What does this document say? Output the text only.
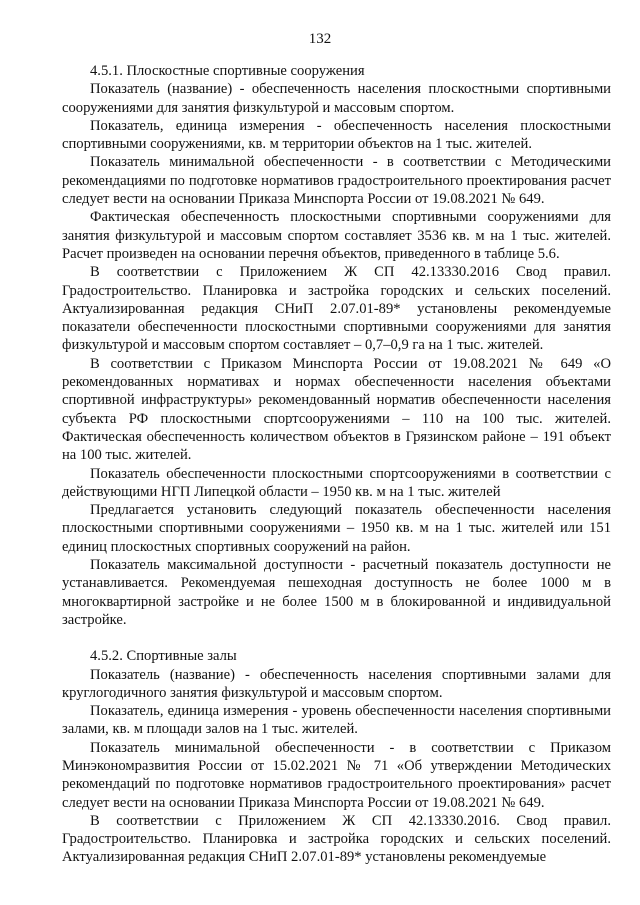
132

4.5.1. Плоскостные спортивные сооружения

Показатель (название) - обеспеченность населения плоскостными спортивными сооружениями для занятия физкультурой и массовым спортом.

Показатель, единица измерения - обеспеченность населения плоскостными спортивными сооружениями, кв. м территории объектов на 1 тыс. жителей.

Показатель минимальной обеспеченности - в соответствии с Методическими рекомендациями по подготовке нормативов градостроительного проектирования расчет следует вести на основании Приказа Минспорта России от 19.08.2021 № 649.

Фактическая обеспеченность плоскостными спортивными сооружениями для занятия физкультурой и массовым спортом составляет 3536 кв. м на 1 тыс. жителей. Расчет произведен на основании перечня объектов, приведенного в таблице 5.6.

В соответствии с Приложением Ж СП 42.13330.2016 Свод правил. Градостроительство. Планировка и застройка городских и сельских поселений. Актуализированная редакция СНиП 2.07.01-89* установлены рекомендуемые показатели обеспеченности плоскостными спортивными сооружениями для занятия физкультурой и массовым спортом составляет – 0,7–0,9 га на 1 тыс. жителей.

В соответствии с Приказом Минспорта России от 19.08.2021 № 649 «О рекомендованных нормативах и нормах обеспеченности населения объектами спортивной инфраструктуры» рекомендованный норматив обеспеченности населения субъекта РФ плоскостными спортсооружениями – 110 на 100 тыс. жителей. Фактическая обеспеченность количеством объектов в Грязинском районе – 191 объект на 100 тыс. жителей.

Показатель обеспеченности плоскостными спортсооружениями в соответствии с действующими НГП Липецкой области – 1950 кв. м на 1 тыс. жителей

Предлагается установить следующий показатель обеспеченности населения плоскостными спортивными сооружениями – 1950 кв. м на 1 тыс. жителей или 151 единиц плоскостных спортивных сооружений на район.

Показатель максимальной доступности - расчетный показатель доступности не устанавливается. Рекомендуемая пешеходная доступность не более 1000 м в многоквартирной застройке и не более 1500 м в блокированной и индивидуальной застройке.

4.5.2. Спортивные залы

Показатель (название) - обеспеченность населения спортивными залами для круглогодичного занятия физкультурой и массовым спортом.

Показатель, единица измерения - уровень обеспеченности населения спортивными залами, кв. м площади залов на 1 тыс. жителей.

Показатель минимальной обеспеченности - в соответствии с Приказом Минэкономразвития России от 15.02.2021 № 71 «Об утверждении Методических рекомендаций по подготовке нормативов градостроительного проектирования» расчет следует вести на основании Приказа Минспорта России от 19.08.2021 № 649.

В соответствии с Приложением Ж СП 42.13330.2016. Свод правил. Градостроительство. Планировка и застройка городских и сельских поселений. Актуализированная редакция СНиП 2.07.01-89* установлены рекомендуемые
